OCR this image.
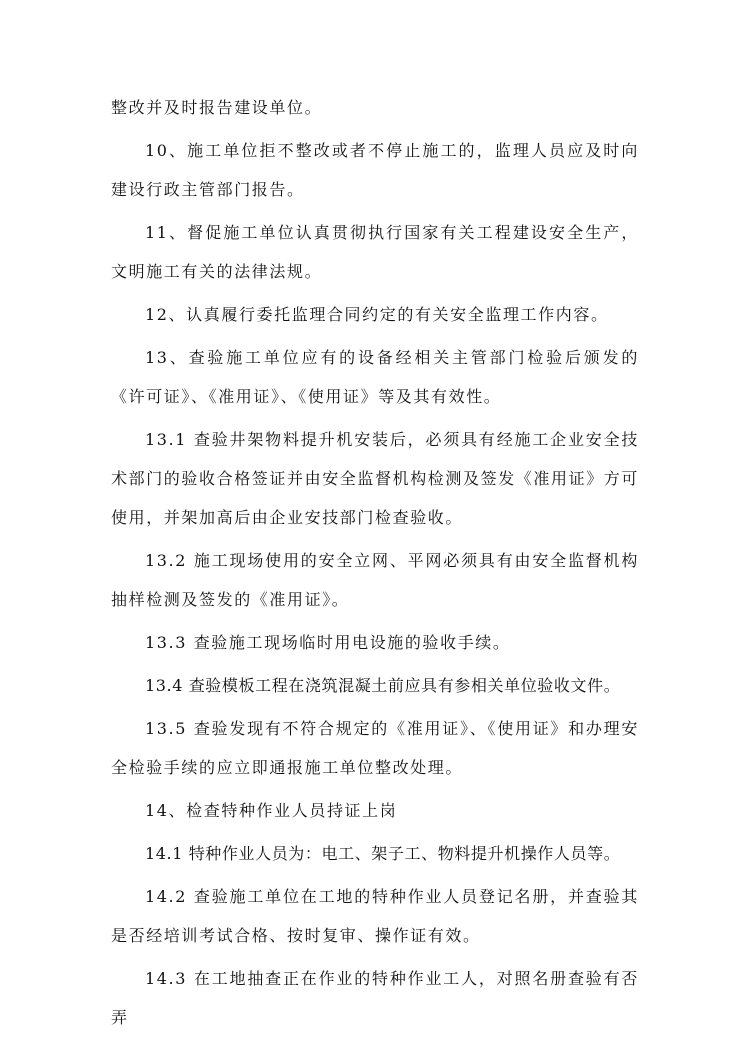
整改并及时报告建设单位。

10、施工单位拒不整改或者不停止施工的，监理人员应及时向建设行政主管部门报告。

11、督促施工单位认真贯彻执行国家有关工程建设安全生产，文明施工有关的法律法规。

12、认真履行委托监理合同约定的有关安全监理工作内容。

13、查验施工单位应有的设备经相关主管部门检验后颁发的《许可证》、《准用证》、《使用证》等及其有效性。

13.1 查验井架物料提升机安装后，必须具有经施工企业安全技术部门的验收合格签证并由安全监督机构检测及签发《准用证》方可使用，并架加高后由企业安技部门检查验收。

13.2 施工现场使用的安全立网、平网必须具有由安全监督机构抽样检测及签发的《准用证》。

13.3 查验施工现场临时用电设施的验收手续。

13.4 查验模板工程在浇筑混凝土前应具有参相关单位验收文件。

13.5 查验发现有不符合规定的《准用证》、《使用证》和办理安全检验手续的应立即通报施工单位整改处理。

14、检查特种作业人员持证上岗

14.1 特种作业人员为：电工、架子工、物料提升机操作人员等。

14.2 查验施工单位在工地的特种作业人员登记名册，并查验其是否经培训考试合格、按时复审、操作证有效。

14.3 在工地抽查正在作业的特种作业工人，对照名册查验有否弄
